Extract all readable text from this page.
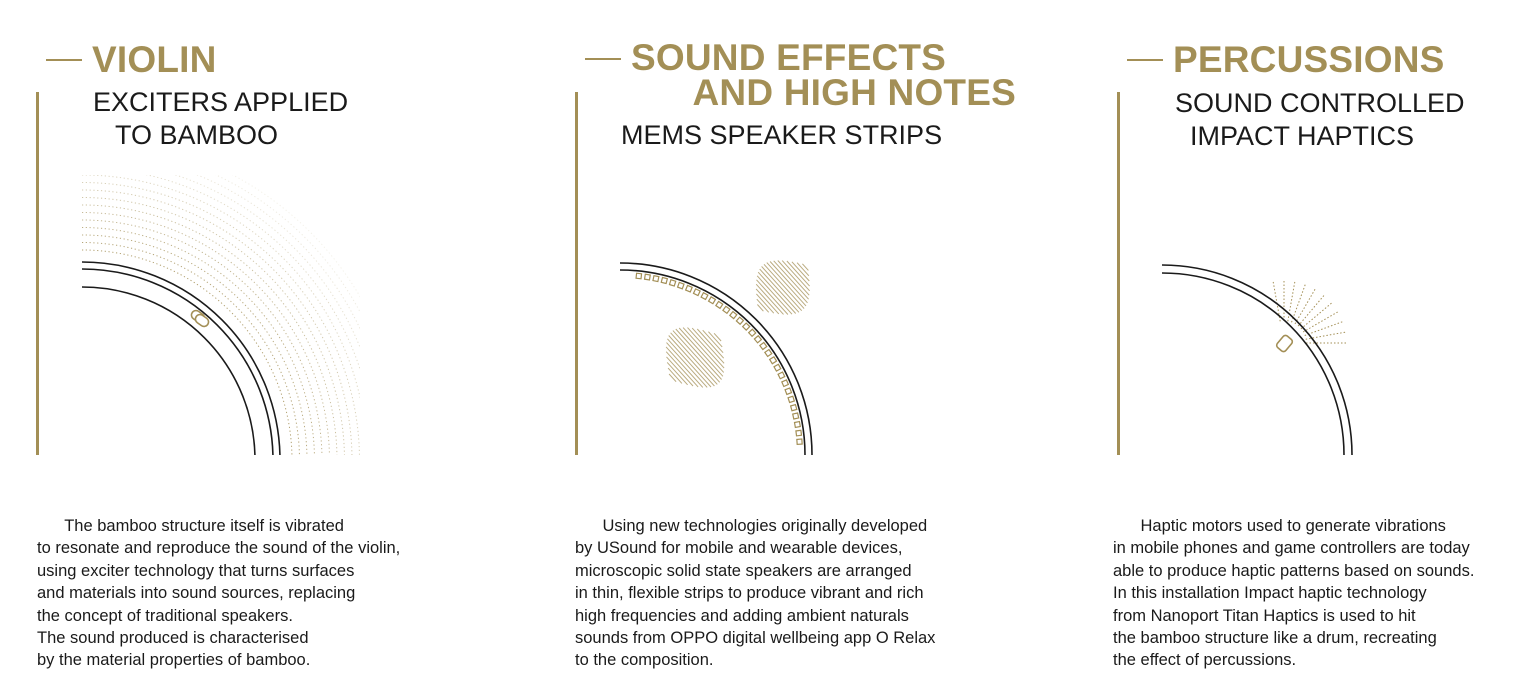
VIOLIN

EXCITERS APPLIED
TO BAMBOO

The bamboo structure itself is vibrated
to resonate and reproduce the sound of the violin,
using exciter technology that turns surfaces
and materials into sound sources, replacing
the concept of traditional speakers.
The sound produced is characterised
by the material properties of bamboo.

SOUND EFFECTS
AND HIGH NOTES

MEMS SPEAKER STRIPS

Using new technologies originally developed
by USound for mobile and wearable devices,
microscopic solid state speakers are arranged
in thin, flexible strips to produce vibrant and rich
high frequencies and adding ambient naturals
sounds from OPPO digital wellbeing app O Relax
to the composition.

PERCUSSIONS

SOUND CONTROLLED
IMPACT HAPTICS

Haptic motors used to generate vibrations
in mobile phones and game controllers are today
able to produce haptic patterns based on sounds.
In this installation Impact haptic technology
from Nanoport Titan Haptics is used to hit
the bamboo structure like a drum, recreating
the effect of percussions.
